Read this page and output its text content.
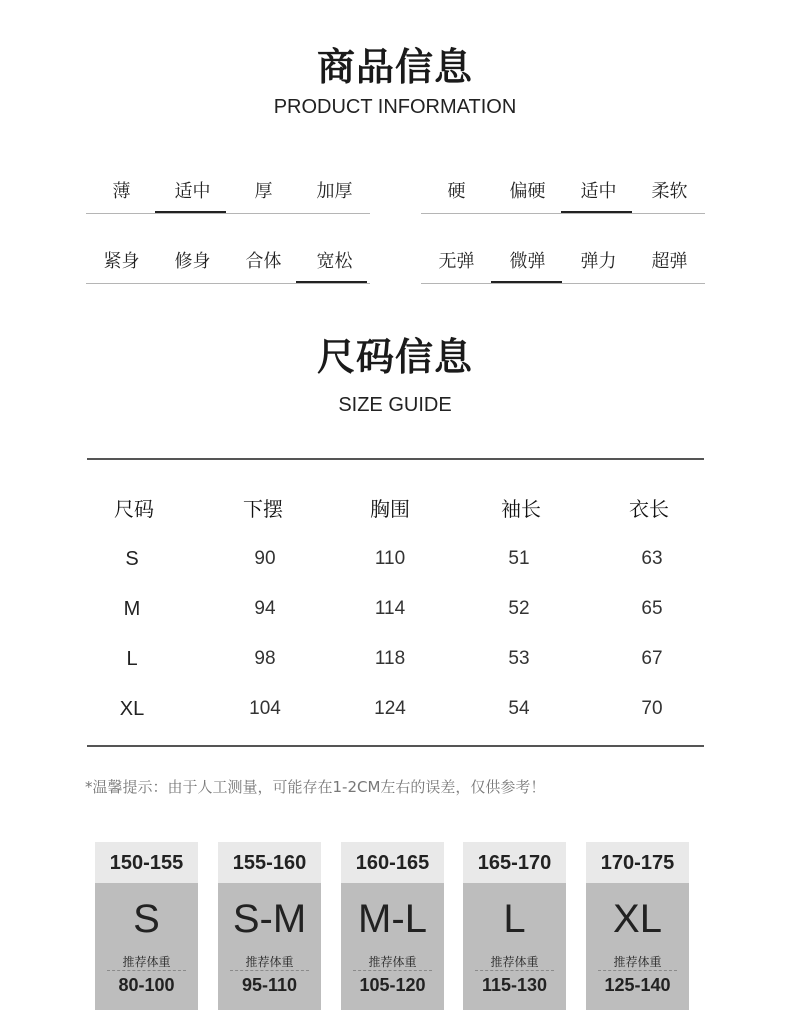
商品信息
PRODUCT INFORMATION
薄	适中	厚	加厚	硬	偏硬	适中	柔软
紧身	修身	合体	宽松	无弹	微弹	弹力	超弹
尺码信息
SIZE GUIDE
尺码	下摆	胸围	袖长	衣长
S	90	110	51	63
M	94	114	52	65
L	98	118	53	67
XL	104	124	54	70
*温馨提示：由于人工测量，可能存在1-2CM左右的误差，仅供参考！
150-155
S
推荐体重
80-100
155-160
S-M
推荐体重
95-110
160-165
M-L
推荐体重
105-120
165-170
L
推荐体重
115-130
170-175
XL
推荐体重
125-140
